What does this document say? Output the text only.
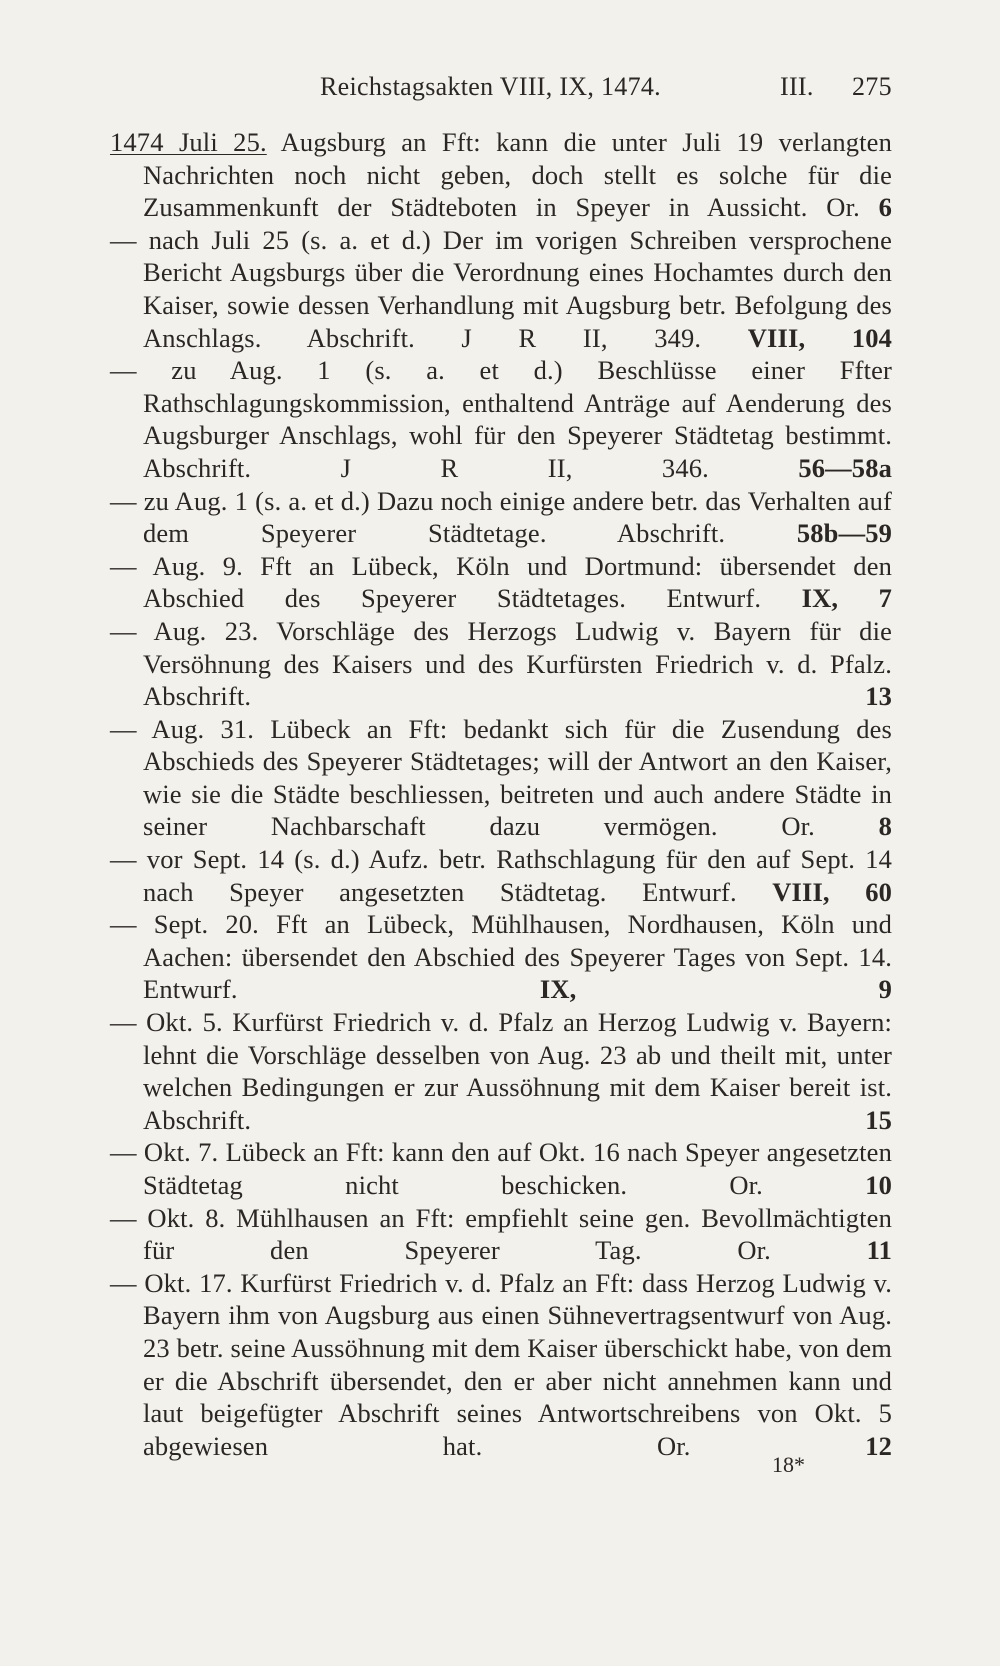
Reichstagsakten VIII, IX, 1474.	III. 275
1474 Juli 25. Augsburg an Fft: kann die unter Juli 19 verlangten Nachrichten noch nicht geben, doch stellt es solche für die Zusammenkunft der Städteboten in Speyer in Aussicht. Or. 6
— nach Juli 25 (s. a. et d.) Der im vorigen Schreiben versprochene Bericht Augsburgs über die Verordnung eines Hochamtes durch den Kaiser, sowie dessen Verhandlung mit Augsburg betr. Befolgung des Anschlags. Abschrift. J R II, 349. VIII, 104
— zu Aug. 1 (s. a. et d.) Beschlüsse einer Ffter Rathschlagungskommission, enthaltend Anträge auf Aenderung des Augsburger Anschlags, wohl für den Speyerer Städtetag bestimmt. Abschrift. J R II, 346.	56—58a
— zu Aug. 1 (s. a. et d.) Dazu noch einige andere betr. das Verhalten auf dem Speyerer Städtetage. Abschrift.	58b—59
— Aug. 9. Fft an Lübeck, Köln und Dortmund: übersendet den Abschied des Speyerer Städtetages. Entwurf. IX, 7
— Aug. 23. Vorschläge des Herzogs Ludwig v. Bayern für die Versöhnung des Kaisers und des Kurfürsten Friedrich v. d. Pfalz. Abschrift.	13
— Aug. 31. Lübeck an Fft: bedankt sich für die Zusendung des Abschieds des Speyerer Städtetages; will der Antwort an den Kaiser, wie sie die Städte beschliessen, beitreten und auch andere Städte in seiner Nachbarschaft dazu vermögen. Or. 8
— vor Sept. 14 (s. d.) Aufz. betr. Rathschlagung für den auf Sept. 14 nach Speyer angesetzten Städtetag. Entwurf. VIII, 60
— Sept. 20. Fft an Lübeck, Mühlhausen, Nordhausen, Köln und Aachen: übersendet den Abschied des Speyerer Tages von Sept. 14. Entwurf.	IX, 9
— Okt. 5. Kurfürst Friedrich v. d. Pfalz an Herzog Ludwig v. Bayern: lehnt die Vorschläge desselben von Aug. 23 ab und theilt mit, unter welchen Bedingungen er zur Aussöhnung mit dem Kaiser bereit ist. Abschrift.	15
— Okt. 7. Lübeck an Fft: kann den auf Okt. 16 nach Speyer angesetzten Städtetag nicht beschicken. Or.	10
— Okt. 8. Mühlhausen an Fft: empfiehlt seine gen. Bevollmächtigten für den Speyerer Tag. Or.	11
— Okt. 17. Kurfürst Friedrich v. d. Pfalz an Fft: dass Herzog Ludwig v. Bayern ihm von Augsburg aus einen Sühnevertragsentwurf von Aug. 23 betr. seine Aussöhnung mit dem Kaiser überschickt habe, von dem er die Abschrift übersendet, den er aber nicht annehmen kann und laut beigefügter Abschrift seines Antwortschreibens von Okt. 5 abgewiesen hat. Or.	12
18*
